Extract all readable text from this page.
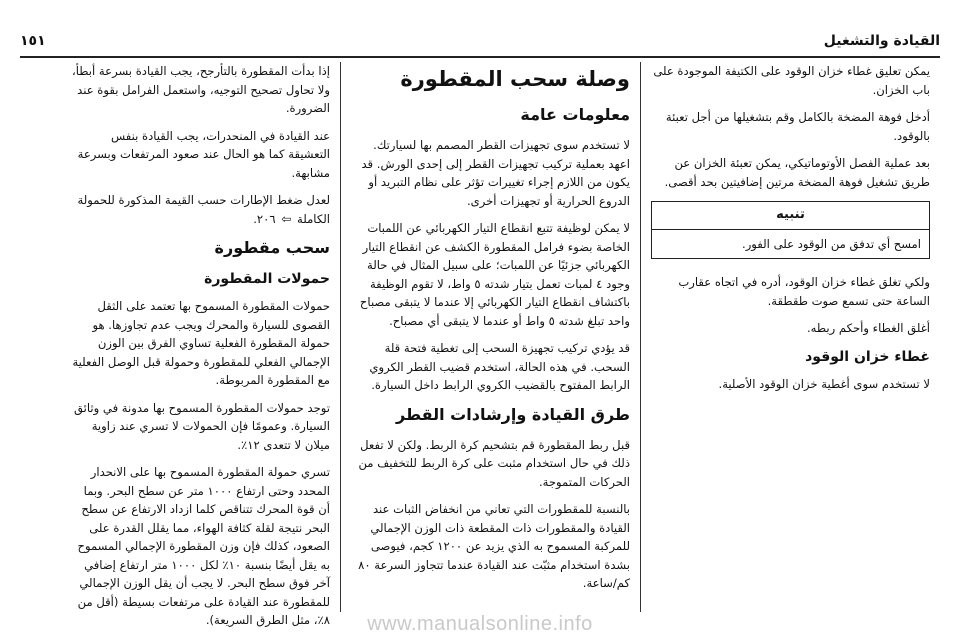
القيادة والتشغيل
١٥١

يمكن تعليق غطاء خزان الوقود على الكتيفة الموجودة على باب الخزان.

أدخل فوهة المضخة بالكامل وقم بتشغيلها من أجل تعبئة بالوقود.

بعد عملية الفصل الأوتوماتيكي، يمكن تعبئة الخزان عن طريق تشغيل فوهة المضخة مرتين إضافيتين بحد أقصى.

تنبيه
امسح أي تدفق من الوقود على الفور.

ولكي تغلق غطاء خزان الوقود، أدره في اتجاه عقارب الساعة حتى تسمع صوت طقطقة.

أغلق الغطاء وأحكم ربطه.

غطاء خزان الوقود

لا تستخدم سوى أغطية خزان الوقود الأصلية.

وصلة سحب المقطورة
معلومات عامة

لا تستخدم سوى تجهيزات القطر المصمم بها لسيارتك. اعهد بعملية تركيب تجهيزات القطر إلى إحدى الورش. قد يكون من اللازم إجراء تغييرات تؤثر على نظام التبريد أو الدروع الحرارية أو تجهيزات أخرى.

لا يمكن لوظيفة تتبع انقطاع التيار الكهربائي عن اللمبات الخاصة بضوء فرامل المقطورة الكشف عن انقطاع التيار الكهربائي جزئيًا عن اللمبات؛ على سبيل المثال في حالة وجود ٤ لمبات تعمل بتيار شدته ٥ واط، لا تقوم الوظيفة باكتشاف انقطاع التيار الكهربائي إلا عندما لا يتبقى مصباح واحد تبلغ شدته ٥ واط أو عندما لا يتبقى أي مصباح.

قد يؤدي تركيب تجهيزة السحب إلى تغطية فتحة قلة السحب. في هذه الحالة، استخدم قضيب القطر الكروي الرابط المفتوح بالقضيب الكروي الرابط داخل السيارة.

طرق القيادة وإرشادات القطر

قبل ربط المقطورة قم بتشحيم كرة الربط. ولكن لا تفعل ذلك في حال استخدام مثبت على كرة الربط للتخفيف من الحركات المتموجة.

بالنسبة للمقطورات التي تعاني من انخفاض الثبات عند القيادة والمقطورات ذات المقطعة ذات الوزن الإجمالي للمركبة المسموح به الذي يزيد عن ١٢٠٠ كجم، فيوصى بشدة استخدام مثبّت عند القيادة عندما تتجاوز السرعة ٨٠ كم/ساعة.

إذا بدأت المقطورة بالتأرجح، يجب القيادة بسرعة أبطأ، ولا تحاول تصحيح التوجيه، واستعمل الفرامل بقوة عند الضرورة.

عند القيادة في المنحدرات، يجب القيادة بنفس التعشيقة كما هو الحال عند صعود المرتفعات وبسرعة مشابهة.

لعدل ضغط الإطارات حسب القيمة المذكورة للحمولة الكاملة ⇦ ٢٠٦.

سحب مقطورة
حمولات المقطورة

حمولات المقطورة المسموح بها تعتمد على الثقل القصوى للسيارة والمحرك ويجب عدم تجاوزها. هو حمولة المقطورة الفعلية تساوي الفرق بين الوزن الإجمالي الفعلي للمقطورة وحمولة قبل الوصل الفعلية مع المقطورة المربوطة.

توجد حمولات المقطورة المسموح بها مدونة في وثائق السيارة. وعمومًا فإن الحمولات لا تسري عند زاوية ميلان لا تتعدى ١٢٪.

تسري حمولة المقطورة المسموح بها على الانحدار المحدد وحتى ارتفاع ١٠٠٠ متر عن سطح البحر. وبما أن قوة المحرك تتناقص كلما ازداد الارتفاع عن سطح البحر نتيجة لقلة كثافة الهواء، مما يقلل القدرة على الصعود، كذلك فإن وزن المقطورة الإجمالي المسموح به يقل أيضًا بنسبة ١٠٪ لكل ١٠٠٠ متر ارتفاع إضافي آخر فوق سطح البحر. لا يجب أن يقل الوزن الإجمالي للمقطورة عند القيادة على مرتفعات بسيطة (أقل من ٨٪، مثل الطرق السريعة).	www.manualsonline.info
